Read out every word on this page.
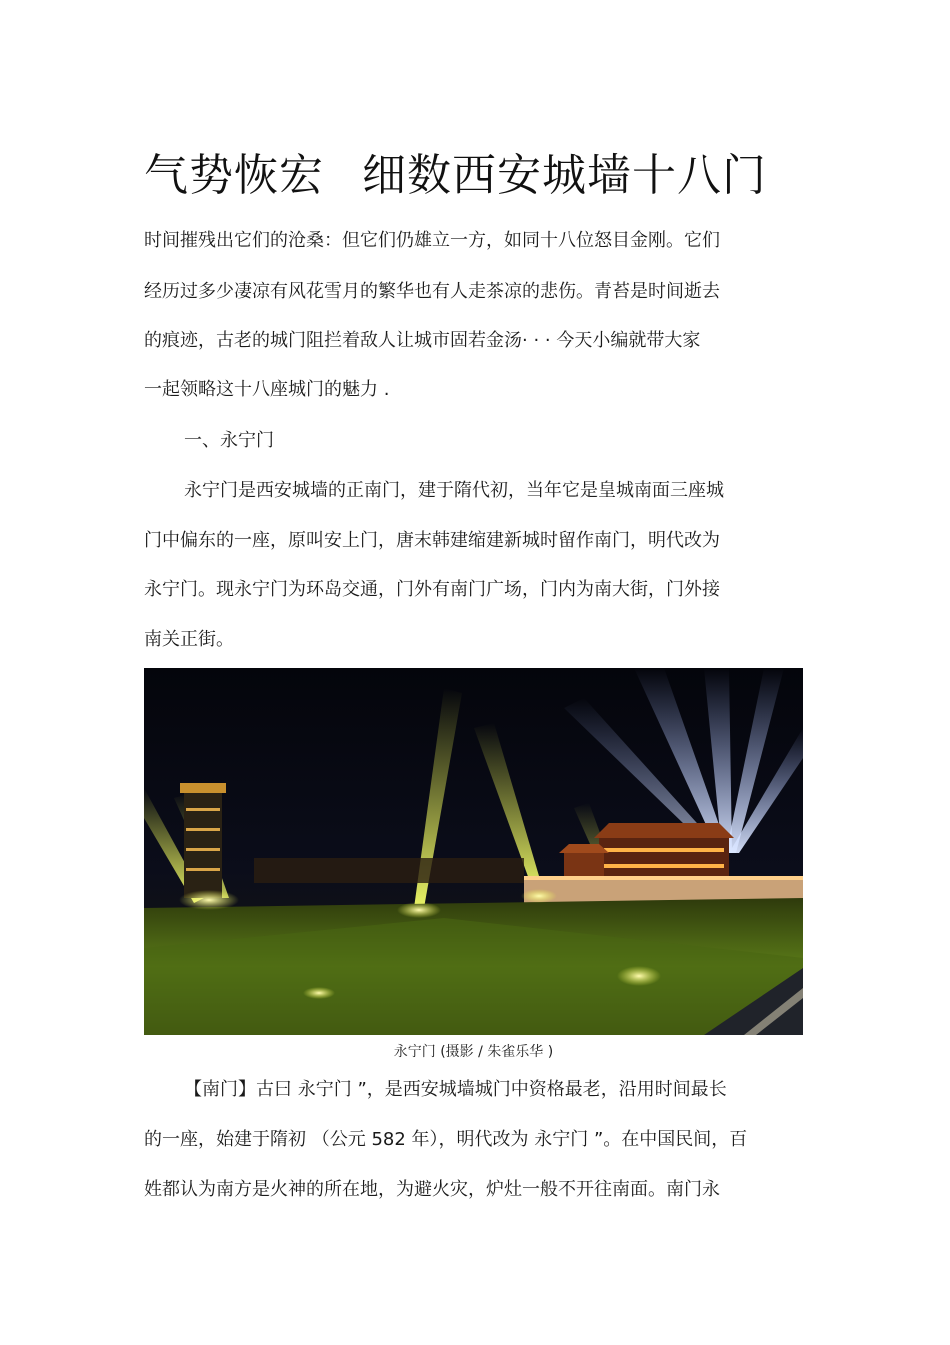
气势恢宏 细数西安城墙十八门
时间摧残出它们的沧桑：但它们仍雄立一方，如同十八位怒目金刚。它们
经历过多少凄凉有风花雪月的繁华也有人走茶凉的悲伤。青苔是时间逝去
的痕迹，古老的城门阻拦着敌人让城市固若金汤· · · 今天小编就带大家
一起领略这十八座城门的魅力 .
一、永宁门
永宁门是西安城墙的正南门，建于隋代初，当年它是皇城南面三座城
门中偏东的一座，原叫安上门，唐末韩建缩建新城时留作南门，明代改为
永宁门。现永宁门为环岛交通，门外有南门广场，门内为南大街，门外接
南关正街。
永宁门 (摄影 / 朱雀乐华 )
【南门】古曰 永宁门 ”，是西安城墙城门中资格最老，沿用时间最长
的一座，始建于隋初 （公元 582 年），明代改为 永宁门 ”。在中国民间，百
姓都认为南方是火神的所在地，为避火灾，炉灶一般不开往南面。南门永
